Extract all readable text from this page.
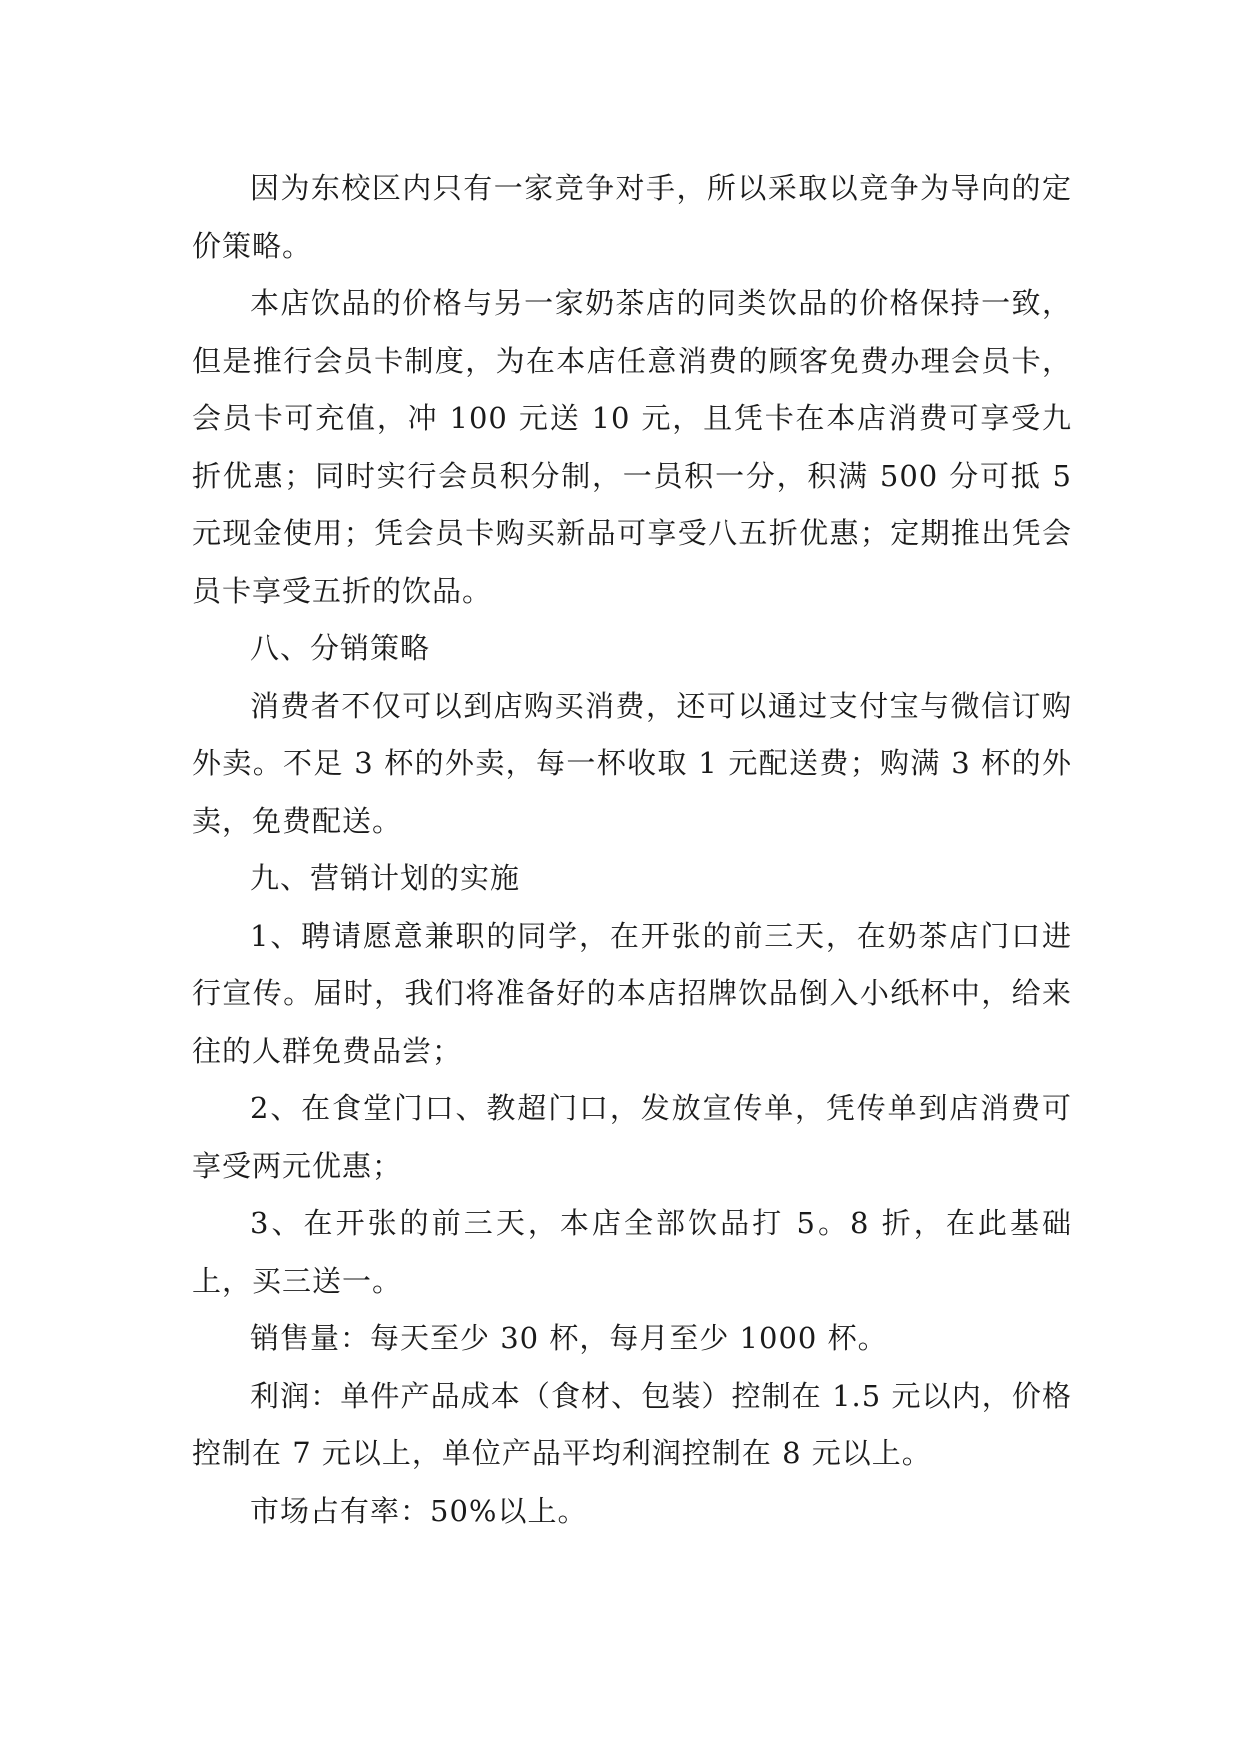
因为东校区内只有一家竞争对手，所以采取以竞争为导向的定价策略。

本店饮品的价格与另一家奶茶店的同类饮品的价格保持一致，但是推行会员卡制度，为在本店任意消费的顾客免费办理会员卡，会员卡可充值，冲 100 元送 10 元，且凭卡在本店消费可享受九折优惠；同时实行会员积分制，一员积一分，积满 500 分可抵 5 元现金使用；凭会员卡购买新品可享受八五折优惠；定期推出凭会员卡享受五折的饮品。

八、分销策略

消费者不仅可以到店购买消费，还可以通过支付宝与微信订购外卖。不足 3 杯的外卖，每一杯收取 1 元配送费；购满 3 杯的外卖，免费配送。

九、营销计划的实施

1、聘请愿意兼职的同学，在开张的前三天，在奶茶店门口进行宣传。届时，我们将准备好的本店招牌饮品倒入小纸杯中，给来往的人群免费品尝；

2、在食堂门口、教超门口，发放宣传单，凭传单到店消费可享受两元优惠；

3、在开张的前三天，本店全部饮品打 5。8 折，在此基础上，买三送一。

销售量：每天至少 30 杯，每月至少 1000 杯。

利润：单件产品成本（食材、包装）控制在 1.5 元以内，价格控制在 7 元以上，单位产品平均利润控制在 8 元以上。

市场占有率：50%以上。
